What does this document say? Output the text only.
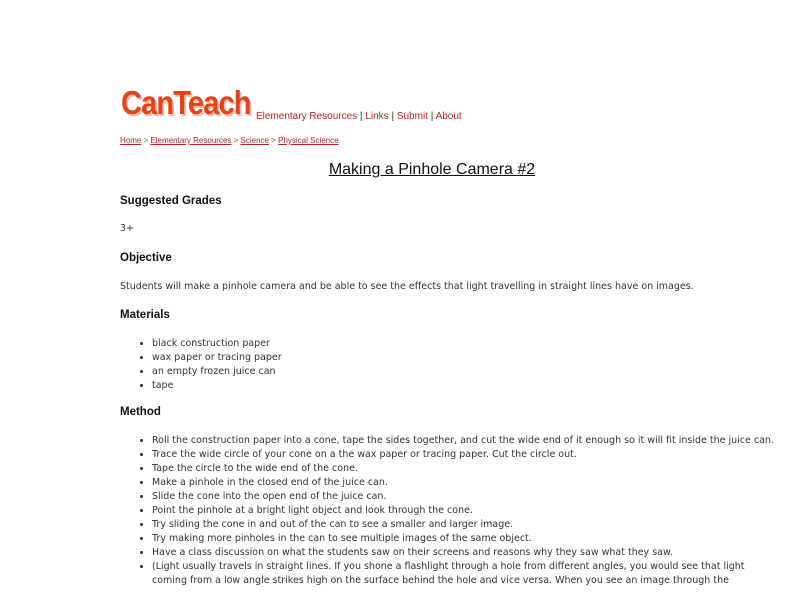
CanTeach Elementary Resources | Links | Submit | About
Home > Elementary Resources > Science > Physical Science
Making a Pinhole Camera #2
Suggested Grades
3+
Objective
Students will make a pinhole camera and be able to see the effects that light travelling in straight lines have on images.
Materials
• black construction paper
• wax paper or tracing paper
• an empty frozen juice can
• tape
Method
• Roll the construction paper into a cone, tape the sides together, and cut the wide end of it enough so it will fit inside the juice can.
• Trace the wide circle of your cone on a the wax paper or tracing paper. Cut the circle out.
• Tape the circle to the wide end of the cone.
• Make a pinhole in the closed end of the juice can.
• Slide the cone into the open end of the juice can.
• Point the pinhole at a bright light object and look through the cone.
• Try sliding the cone in and out of the can to see a smaller and larger image.
• Try making more pinholes in the can to see multiple images of the same object.
• Have a class discussion on what the students saw on their screens and reasons why they saw what they saw.
• (Light usually travels in straight lines. If you shone a flashlight through a hole from different angles, you would see that light coming from a low angle strikes high on the surface behind the hole and vice versa. When you see an image through the
